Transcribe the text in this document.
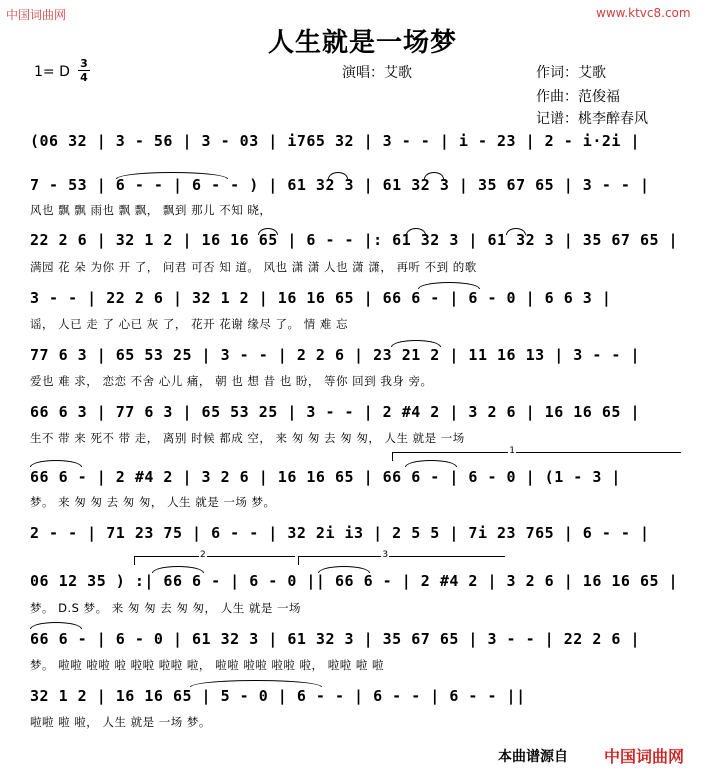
中国词曲网	www.ktvc8.com
人生就是一场梦
1= D
3
4	演唱：艾歌	作词：艾歌
作曲：范俊福
记谱：桃李醉春风
(06 32 | 3 - 56 | 3 - 03 | i765 32 | 3 - - | i - 23 | 2 - i·2i |
7 - 53 | 6 - - | 6 - - ) | 61 32 3 | 61 32 3 | 35 67 65 | 3 - - |
风也 飘 飘 雨也 飘 飘， 飘到 那儿 不知 晓，
22 2 6 | 32 1 2 | 16 16 65 | 6 - - |: 61 32 3 | 61 32 3 | 35 67 65 |
满园 花 朵 为你 开 了， 问君 可否 知 道。 风也 潇 潇 人也 潇 潇， 再听 不到 的歌
3 - - | 22 2 6 | 32 1 2 | 16 16 65 | 66 6 - | 6 - 0 | 6 6 3 |
谣， 人已 走 了 心已 灰 了， 花开 花谢 缘尽 了。 情 难 忘
77 6 3 | 65 53 25 | 3 - - | 2 2 6 | 23 21 2 | 11 16 13 | 3 - - |
爱也 难 求， 恋恋 不舍 心儿 痛， 朝 也 想 昔 也 盼， 等你 回到 我身 旁。
66 6 3 | 77 6 3 | 65 53 25 | 3 - - | 2 #4 2 | 3 2 6 | 16 16 65 |
生不 带 来 死不 带 走， 离别 时候 都成 空， 来 匆 匆 去 匆 匆， 人生 就是 一场
1
66 6 - | 2 #4 2 | 3 2 6 | 16 16 65 | 66 6 - | 6 - 0 | (1 - 3 |
梦。 来 匆 匆 去 匆 匆， 人生 就是 一场 梦。
2 - - | 71 23 75 | 6 - - | 32 2i i3 | 2 5 5 | 7i 23 765 | 6 - - |
2	3
06 12 35 ) :| 66 6 - | 6 - 0 || 66 6 - | 2 #4 2 | 3 2 6 | 16 16 65 |
梦。 D.S 梦。 来 匆 匆 去 匆 匆， 人生 就是 一场
66 6 - | 6 - 0 | 61 32 3 | 61 32 3 | 35 67 65 | 3 - - | 22 2 6 |
梦。 啦啦 啦啦 啦 啦啦 啦啦 啦， 啦啦 啦啦 啦啦 啦， 啦啦 啦 啦
32 1 2 | 16 16 65 | 5 - 0 | 6 - - | 6 - - | 6 - - ||
啦啦 啦 啦， 人生 就是 一场 梦。
本曲谱源自 中国词曲网
